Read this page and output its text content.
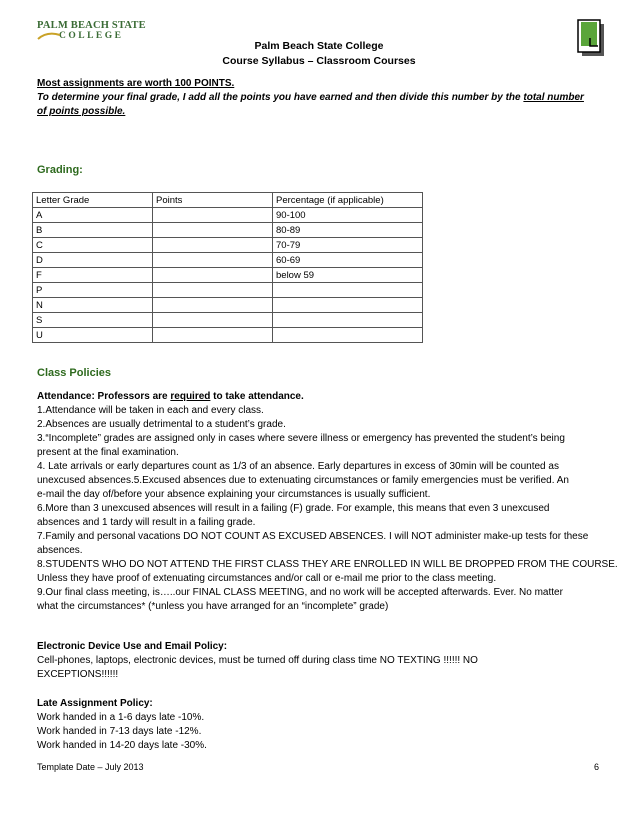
PALM BEACH STATE
COLLEGE
Palm Beach State College
Course Syllabus – Classroom Courses
Most assignments are worth 100 POINTS.
To determine your final grade, I add all the points you have earned and then divide this number by the total number
of points possible.
Grading:
Letter Grade	Points	Percentage (if applicable)
A		90-100
B		80-89
C		70-79
D		60-69
F		below 59
P		
N		
S		
U		
Class Policies
Attendance: Professors are required to take attendance.
1.Attendance will be taken in each and every class.
2.Absences are usually detrimental to a student’s grade.
3.“Incomplete” grades are assigned only in cases where severe illness or emergency has prevented the student’s being
present at the final examination.
4. Late arrivals or early departures count as 1/3 of an absence. Early departures in excess of 30min will be counted as
unexcused absences.5.Excused absences due to extenuating circumstances or family emergencies must be verified. An
e-mail the day of/before your absence explaining your circumstances is usually sufficient.
6.More than 3 unexcused absences will result in a failing (F) grade. For example, this means that even 3 unexcused
absences and 1 tardy will result in a failing grade.
7.Family and personal vacations DO NOT COUNT AS EXCUSED ABSENCES. I will NOT administer make-up tests for these
absences.
8.STUDENTS WHO DO NOT ATTEND THE FIRST CLASS THEY ARE ENROLLED IN WILL BE DROPPED FROM THE COURSE.
Unless they have proof of extenuating circumstances and/or call or e-mail me prior to the class meeting.
9.Our final class meeting, is…..our FINAL CLASS MEETING, and no work will be accepted afterwards. Ever. No matter
what the circumstances* (*unless you have arranged for an “incomplete” grade)
Electronic Device Use and Email Policy:
Cell-phones, laptops, electronic devices, must be turned off during class time NO TEXTING !!!!!! NO
EXCEPTIONS!!!!!!
Late Assignment Policy:
Work handed in a 1-6 days late -10%.
Work handed in 7-13 days late -12%.
Work handed in 14-20 days late -30%.
Template Date – July 2013	6
